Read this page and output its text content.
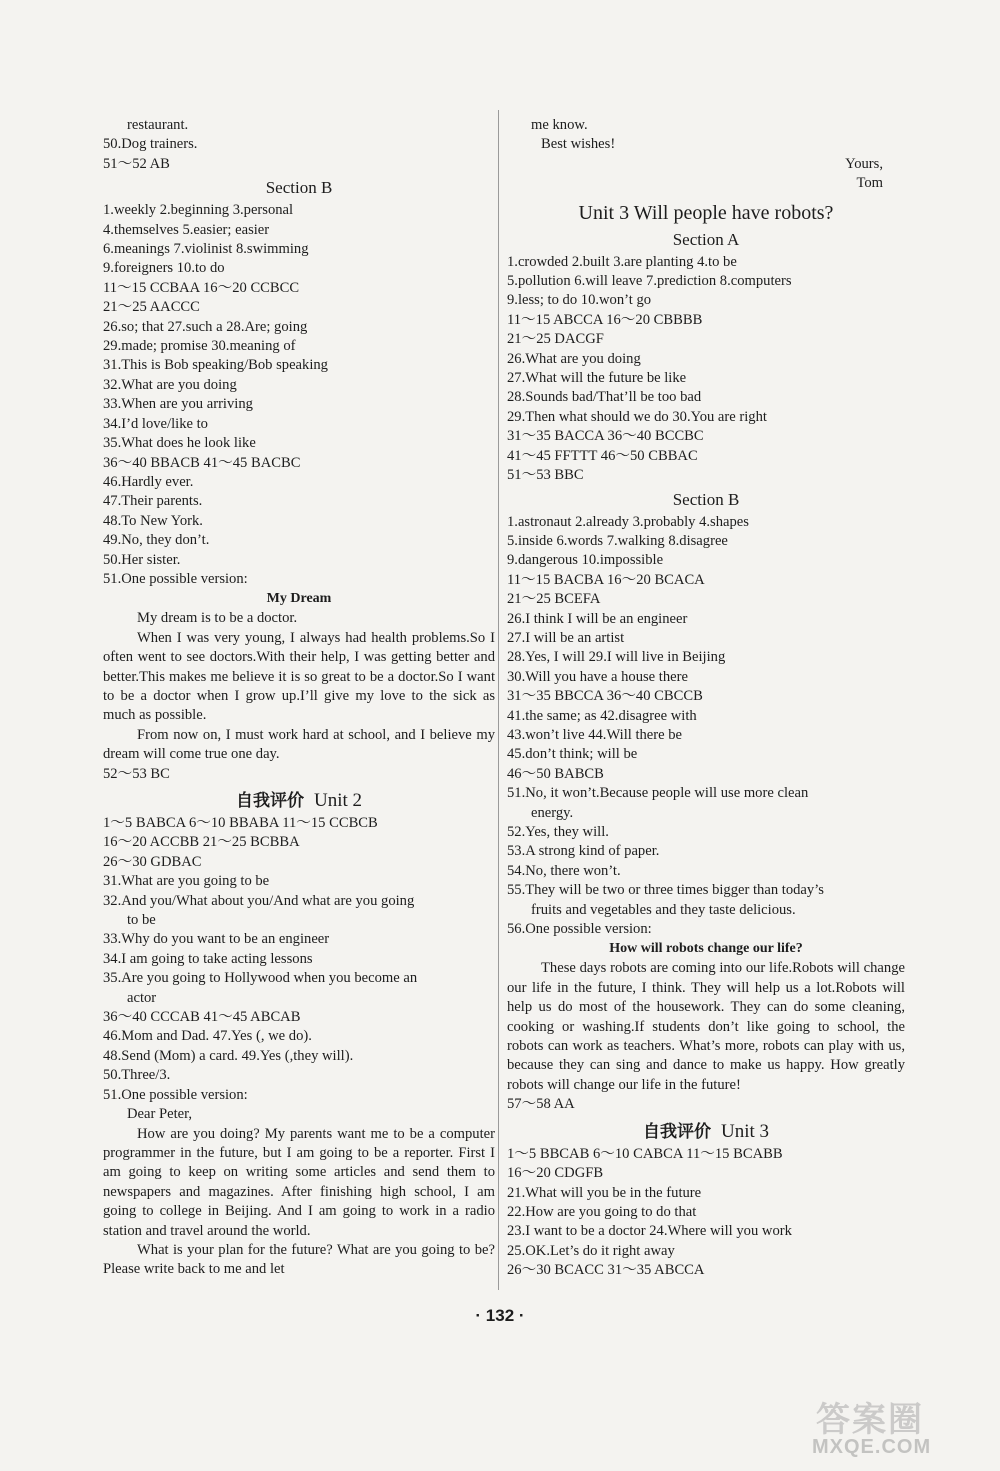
restaurant.
50.Dog trainers.
51～52 AB
Section B
1.weekly 2.beginning 3.personal
4.themselves 5.easier; easier
6.meanings 7.violinist 8.swimming
9.foreigners 10.to do
11～15 CCBAA 16～20 CCBCC
21～25 AACCC
26.so; that 27.such a 28.Are; going
29.made; promise 30.meaning of
31.This is Bob speaking/Bob speaking
32.What are you doing
33.When are you arriving
34.I’d love/like to
35.What does he look like
36～40 BBACB 41～45 BACBC
46.Hardly ever.
47.Their parents.
48.To New York.
49.No, they don’t.
50.Her sister.
51.One possible version:
My Dream
My dream is to be a doctor.
When I was very young, I always had health problems.So I often went to see doctors.With their help, I was getting better and better.This makes me believe it is so great to be a doctor.So I want to be a doctor when I grow up.I’ll give my love to the sick as much as possible.
From now on, I must work hard at school, and I believe my dream will come true one day.
52～53 BC
自我评价 Unit 2
1～5 BABCA 6～10 BBABA 11～15 CCBCB
16～20 ACCBB 21～25 BCBBA
26～30 GDBAC
31.What are you going to be
32.And you/What about you/And what are you going
to be
33.Why do you want to be an engineer
34.I am going to take acting lessons
35.Are you going to Hollywood when you become an
actor
36～40 CCCAB 41～45 ABCAB
46.Mom and Dad. 47.Yes (, we do).
48.Send (Mom) a card. 49.Yes (,they will).
50.Three/3.
51.One possible version:
Dear Peter,
How are you doing? My parents want me to be a computer programmer in the future, but I am going to be a reporter. First I am going to keep on writing some articles and send them to newspapers and magazines. After finishing high school, I am going to college in Beijing. And I am going to work in a radio station and travel around the world.
What is your plan for the future? What are you going to be? Please write back to me and let
me know.
Best wishes!
Yours,
Tom
Unit 3 Will people have robots?
Section A
1.crowded 2.built 3.are planting 4.to be
5.pollution 6.will leave 7.prediction 8.computers
9.less; to do 10.won’t go
11～15 ABCCA 16～20 CBBBB
21～25 DACGF
26.What are you doing
27.What will the future be like
28.Sounds bad/That’ll be too bad
29.Then what should we do 30.You are right
31～35 BACCA 36～40 BCCBC
41～45 FFTTT 46～50 CBBAC
51～53 BBC
Section B
1.astronaut 2.already 3.probably 4.shapes
5.inside 6.words 7.walking 8.disagree
9.dangerous 10.impossible
11～15 BACBA 16～20 BCACA
21～25 BCEFA
26.I think I will be an engineer
27.I will be an artist
28.Yes, I will 29.I will live in Beijing
30.Will you have a house there
31～35 BBCCA 36～40 CBCCB
41.the same; as 42.disagree with
43.won’t live 44.Will there be
45.don’t think; will be
46～50 BABCB
51.No, it won’t.Because people will use more clean
energy.
52.Yes, they will.
53.A strong kind of paper.
54.No, there won’t.
55.They will be two or three times bigger than today’s
fruits and vegetables and they taste delicious.
56.One possible version:
How will robots change our life?
These days robots are coming into our life.Robots will change our life in the future, I think. They will help us a lot.Robots will help us do most of the housework. They can do some cleaning, cooking or washing.If students don’t like going to school, the robots can work as teachers. What’s more, robots can play with us, because they can sing and dance to make us happy. How greatly robots will change our life in the future!
57～58 AA
自我评价 Unit 3
1～5 BBCAB 6～10 CABCA 11～15 BCABB
16～20 CDGFB
21.What will you be in the future
22.How are you going to do that
23.I want to be a doctor 24.Where will you work
25.OK.Let’s do it right away
26～30 BCACC 31～35 ABCCA
· 132 ·
答案圈
MXQE.COM
